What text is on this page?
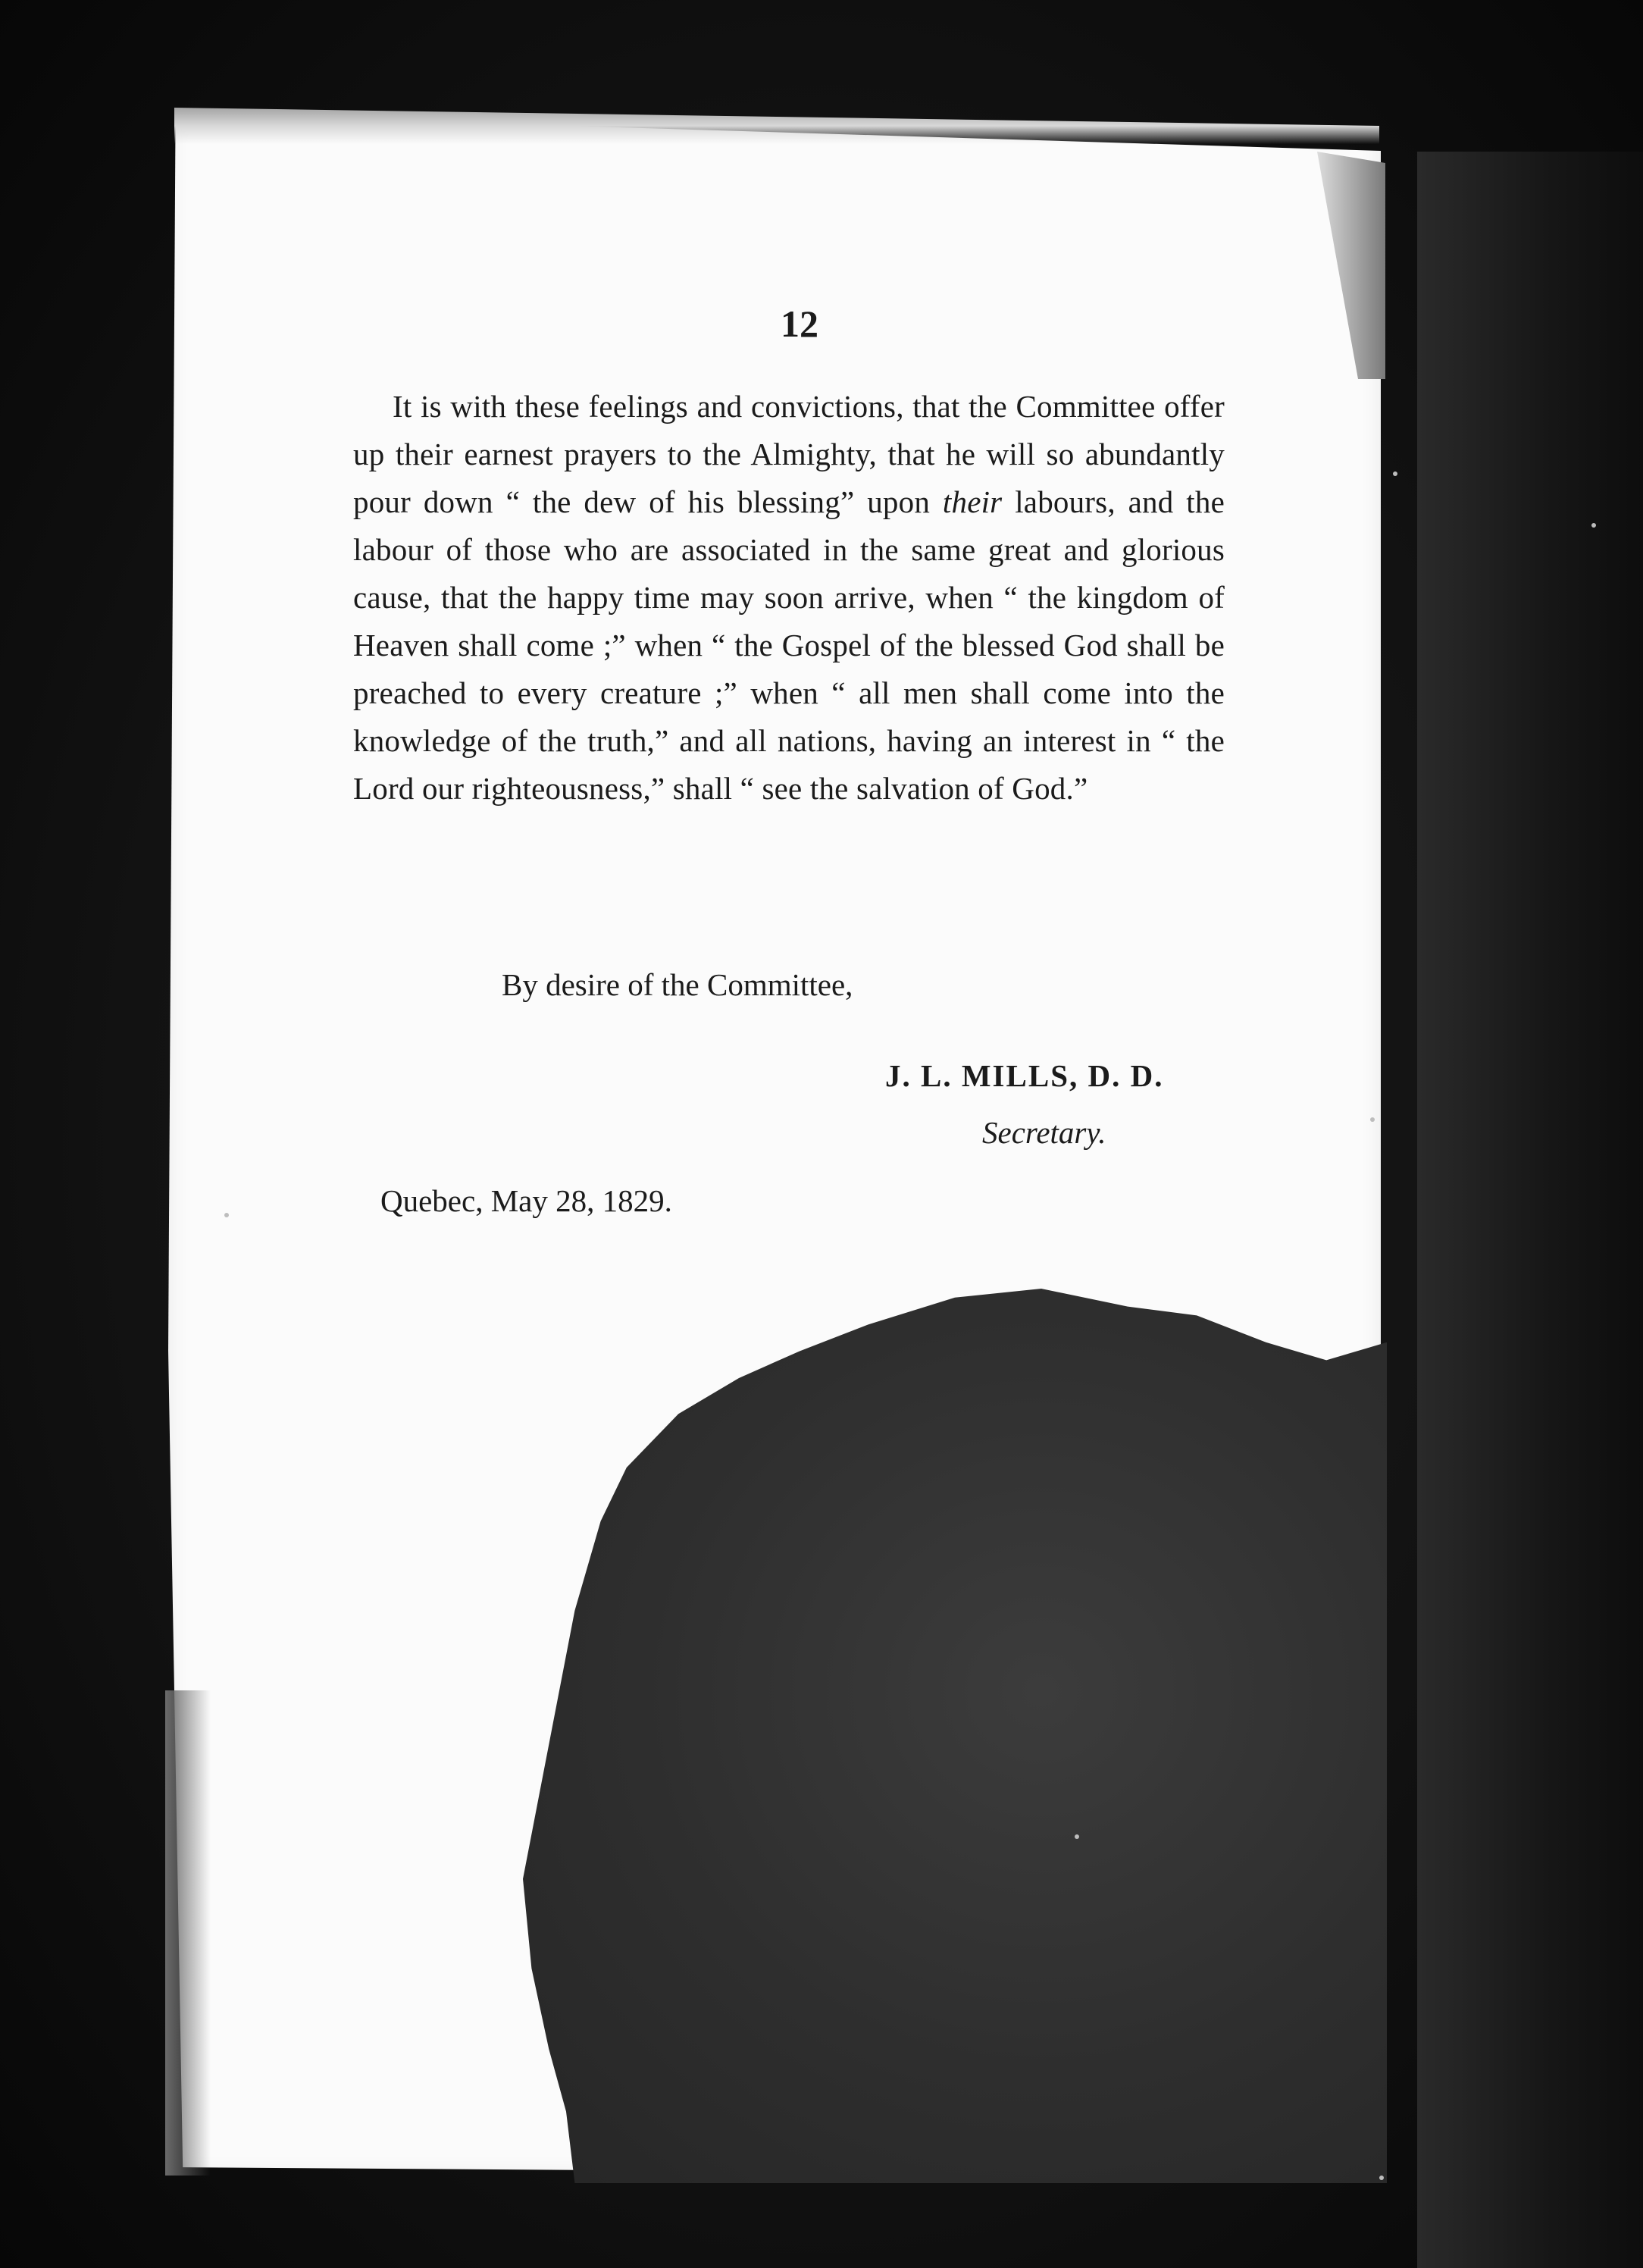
12

It is with these feelings and convictions, that the Committee offer up their earnest prayers to the Almighty, that he will so abundantly pour down “ the dew of his blessing” upon their labours, and the labour of those who are associated in the same great and glorious cause, that the happy time may soon arrive, when “ the kingdom of Heaven shall come ;” when “ the Gospel of the blessed God shall be preached to every creature ;” when “ all men shall come into the knowledge of the truth,” and all nations, having an interest in “ the Lord our righteousness,” shall “ see the salvation of God.”

By desire of the Committee,
J. L. MILLS, D. D.
Secretary.
Quebec, May 28, 1829.
